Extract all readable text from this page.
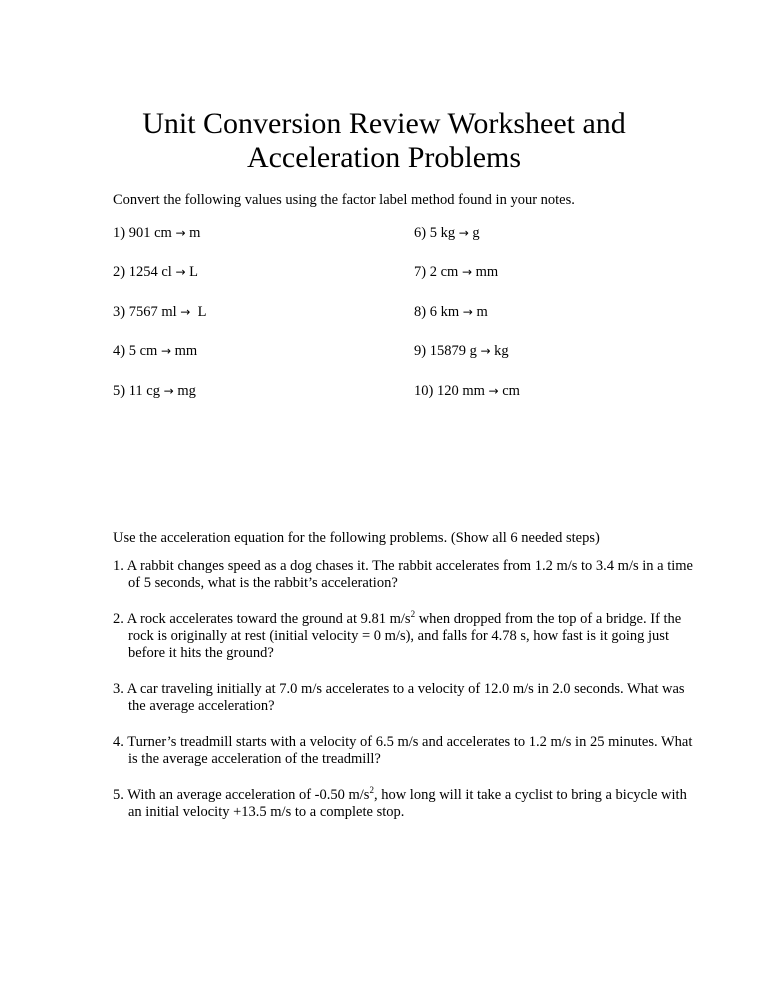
Unit Conversion Review Worksheet and
Acceleration Problems

Convert the following values using the factor label method found in your notes.

1) 901 cm → m
2) 1254 cl → L
3) 7567 ml →  L
4) 5 cm → mm
5) 11 cg → mg
6) 5 kg → g
7) 2 cm → mm
8) 6 km → m
9) 15879 g → kg
10) 120 mm → cm

Use the acceleration equation for the following problems. (Show all 6 needed steps)

1. A rabbit changes speed as a dog chases it. The rabbit accelerates from 1.2 m/s to 3.4 m/s in a time of 5 seconds, what is the rabbit’s acceleration?
2. A rock accelerates toward the ground at 9.81 $m/s^2$ when dropped from the top of a bridge. If the rock is originally at rest (initial velocity = 0 m/s), and falls for 4.78 s, how fast is it going just before it hits the ground?
3. A car traveling initially at 7.0 m/s accelerates to a velocity of 12.0 m/s in 2.0 seconds. What was the average acceleration?
4. Turner’s treadmill starts with a velocity of 6.5 m/s and accelerates to 1.2 m/s in 25 minutes. What is the average acceleration of the treadmill?
5. With an average acceleration of -0.50 $m/s^2$, how long will it take a cyclist to bring a bicycle with an initial velocity +13.5 m/s to a complete stop.
